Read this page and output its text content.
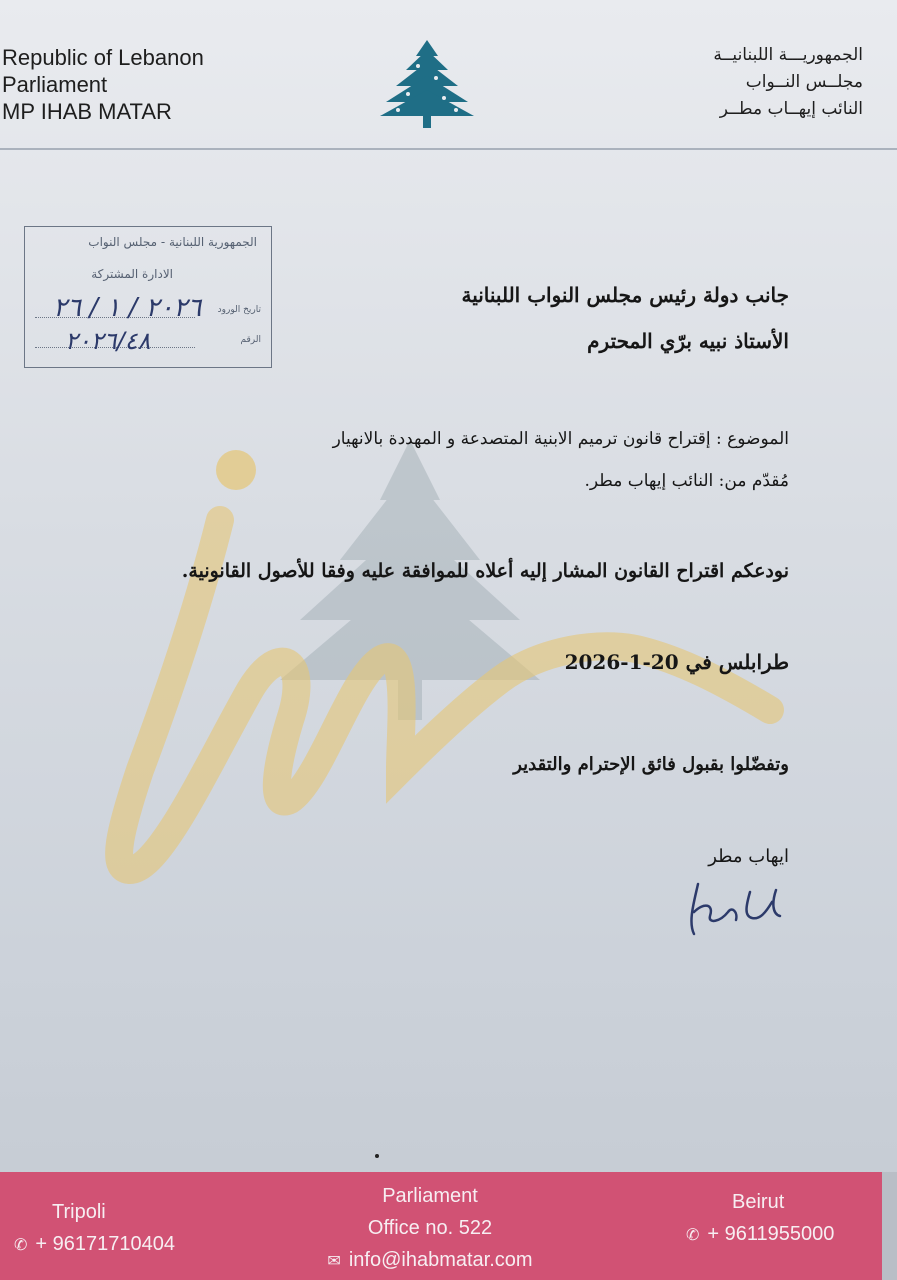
Republic of Lebanon
Parliament
MP IHAB MATAR
الجمهوريـــة اللبنانيــة
مجلــس النــواب
النائب إيهــاب مطــر
الجمهورية اللبنانية - مجلس النواب
الادارة المشتركة
تاريخ الورود
الرقم
٢٠٢٦ / ١ / ٢٦
٢٠٢٦/٤٨
جانب دولة رئيس مجلس النواب اللبنانية
الأستاذ نبيه برّي المحترم
الموضوع : إقتراح قانون ترميم الابنية المتصدعة و المهددة بالانهيار
مُقدّم من: النائب إيهاب مطر.
نودعكم اقتراح القانون المشار إليه أعلاه للموافقة عليه وفقا للأصول القانونية.
طرابلس في 20-1-2026
وتفضّلوا بقبول فائق الإحترام والتقدير
ايهاب مطر
Tripoli
✆ + 96171710404
Parliament
Office no. 522
✉ info@ihabmatar.com
Beirut
✆ + 9611955000
